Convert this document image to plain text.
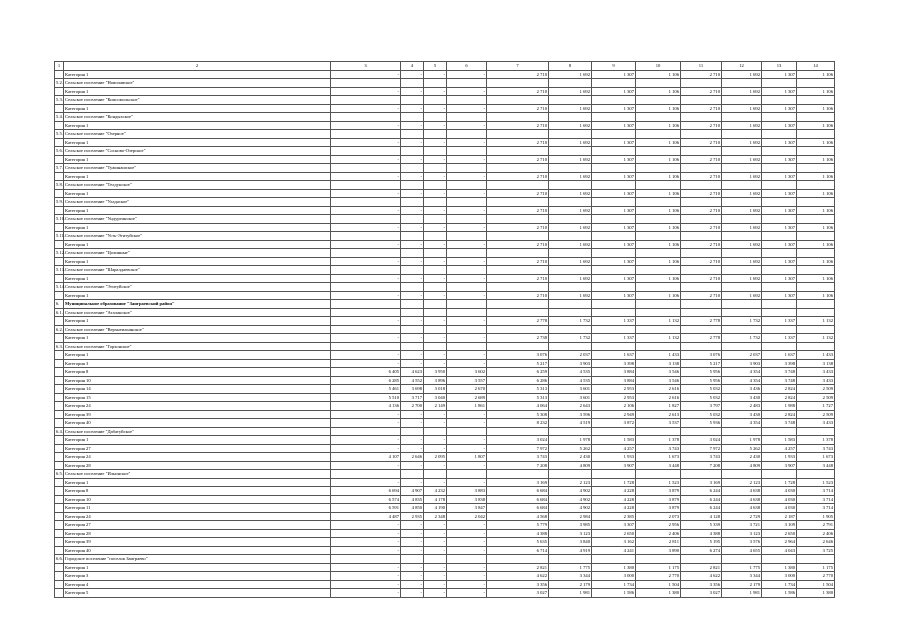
1	2	3	4	5	6	7	8	9	10	11	12	13	14
	Категория 1	-	-	-	-	2 710	1 692	1 307	1 106	2 710	1 692	1 307	1 106
5.2.	Сельское поселение "Новопавское"												
	Категория 1	-	-	-	-	2 710	1 692	1 307	1 106	2 710	1 692	1 307	1 106
5.3.	Сельское поселение "Комсомольское"												
	Категория 1	-	-	-	-	2 710	1 692	1 307	1 106	2 710	1 692	1 307	1 106
5.4.	Сельское поселение "Кондыхское"												
	Категория 1	-	-	-	-	2 710	1 692	1 307	1 106	2 710	1 692	1 307	1 106
5.5.	Сельское поселение "Озерное"												
	Категория 1	-	-	-	-	2 710	1 692	1 307	1 106	2 710	1 692	1 307	1 106
5.6.	Сельское поселение "Сосново-Озерское"												
	Категория 1	-	-	-	-	2 710	1 692	1 307	1 106	2 710	1 692	1 307	1 106
5.7.	Сельское поселение "Тужинашское"												
	Категория 1	-	-	-	-	2 710	1 692	1 307	1 106	2 710	1 692	1 307	1 106
5.8.	Сельское поселение "Телдунское"												
	Категория 1	-	-	-	-	2 710	1 692	1 307	1 106	2 710	1 692	1 307	1 106
5.9.	Сельское поселение "Уладаское"												
	Категория 1	-	-	-	-	2 710	1 692	1 307	1 106	2 710	1 692	1 307	1 106
5.10.	Сельское поселение "Ундургинское"												
	Категория 1	-	-	-	-	2 710	1 692	1 307	1 106	2 710	1 692	1 307	1 106
5.11.	Сельское поселение "Усть-Эгитуйское"												
	Категория 1	-	-	-	-	2 710	1 692	1 307	1 106	2 710	1 692	1 307	1 106
5.12.	Сельское поселение "Цолинные"												
	Категория 1	-	-	-	-	2 710	1 692	1 307	1 106	2 710	1 692	1 307	1 106
5.13.	Сельское поселение "Шаралдаевское"												
	Категория 1	-	-	-	-	2 710	1 692	1 307	1 106	2 710	1 692	1 307	1 106
5.14.	Сельское поселение "Эгитуйское"												
	Категория 1	-	-	-	-	2 710	1 692	1 307	1 106	2 710	1 692	1 307	1 106
6.	Муниципальное образование "Заиграевский район"												
6.1.	Сельское поселение "Аталанское"												
	Категория 1	-	-	-	-	2 778	1 732	1 337	1 132	2 778	1 732	1 337	1 132
6.2.	Сельское поселение "Верхнеильинское"												
	Категория 1	-	-	-	-	2 738	1 732	1 337	1 132	2 778	1 732	1 337	1 132
6.3.	Сельское поселение "Горхонское"												
	Категория 1	-	-	-	-	3 076	2 037	1 637	1 433	3 076	2 037	1 637	1 433
	Категория 3	-	-	-	-	5 217	3 903	3 398	3 138	5 217	3 903	3 398	3 138
	Категория 8	6 405	4 623	3 950	3 602	6 259	4 535	3 884	3 546	5 956	4 354	3 748	3 433
	Категория 10	6 285	4 552	3 896	3 557	6 286	4 535	3 884	3 546	5 956	4 354	3 748	3 433
	Категория 14	5 461	3 698	3 018	2 670	5 313	3 601	2 953	2 616	5 032	3 436	2 824	2 509
	Категория 15	5 510	3 717	3 040	2 689	5 313	3 601	2 953	2 616	5 032	3 430	2 824	2 509
	Категория 24	4 136	2 700	2 149	1 861	4 064	2 643	2 106	1 827	3 797	2 483	1 988	1 727
	Категория 39	-	-	-	-	5 308	3 596	2 949	2 613	5 032	3 430	2 824	2 509
	Категория 40	-	-	-	-	8 232	4 519	3 872	3 537	5 936	4 354	3 748	3 433
6.4.	Сельское поселение "Дабатуйское"												
	Категория 1	-	-	-	-	3 024	1 978	1 583	1 378	3 024	1 978	1 583	1 378
	Категория 27	-	-	-	-	7 972	5 262	4 257	3 743	7 972	5 262	4 257	3 743
	Категория 24	4 107	2 646	2 095	1 807	3 743	2 430	1 933	1 673	3 743	2 430	1 933	1 673
	Категория 28	-	-	-	-	7 208	4 809	3 907	3 448	7 208	4 809	3 907	3 448
6.5.	Сельское поселение "Ильинское"												
	Категория 1	-	-	-	-	3 169	2 123	1 728	1 523	3 169	2 123	1 728	1 523
	Категория 8	6 694	4 907	4 232	3 883	6 684	4 902	4 228	3 879	6 244	4 638	4 030	3 714
	Категория 10	6 574	4 835	4 178	3 838	6 684	4 902	4 228	3 879	6 244	4 638	4 030	3 714
	Категория 11	6 591	4 850	4 190	3 847	6 684	4 902	4 228	3 879	6 244	4 638	4 030	3 714
	Категория 24	4 487	2 935	2 348	2 042	4 568	2 984	2 385	2 073	4 128	2 729	2 187	1 905
	Категория 27	-	-	-	-	5 779	3 985	3 307	2 956	5 339	3 721	3 109	2 791
	Категория 28	-	-	-	-	4 388	3 123	2 650	2 406	4 388	3 123	2 650	2 406
	Категория 39	-	-	-	-	5 635	3 840	3 162	2 811	5 195	3 576	2 964	2 646
	Категория 40	-	-	-	-	6 714	4 919	4 241	3 890	6 274	4 655	4 043	3 725
6.6.	Городское поселение "поселок Заиграево"												
	Категория 1	-	-	-	-	2 821	1 775	1 380	1 175	2 821	1 775	1 380	1 175
	Категория 3	-	-	-	-	4 622	3 344	3 000	2 770	4 622	3 344	3 000	2 770
	Категория 4	-	-	-	-	3 356	2 179	1 734	1 504	3 356	2 179	1 734	1 504
	Категория 5	-	-	-	-	3 027	1 981	1 586	1 380	3 027	1 981	1 586	1 380
